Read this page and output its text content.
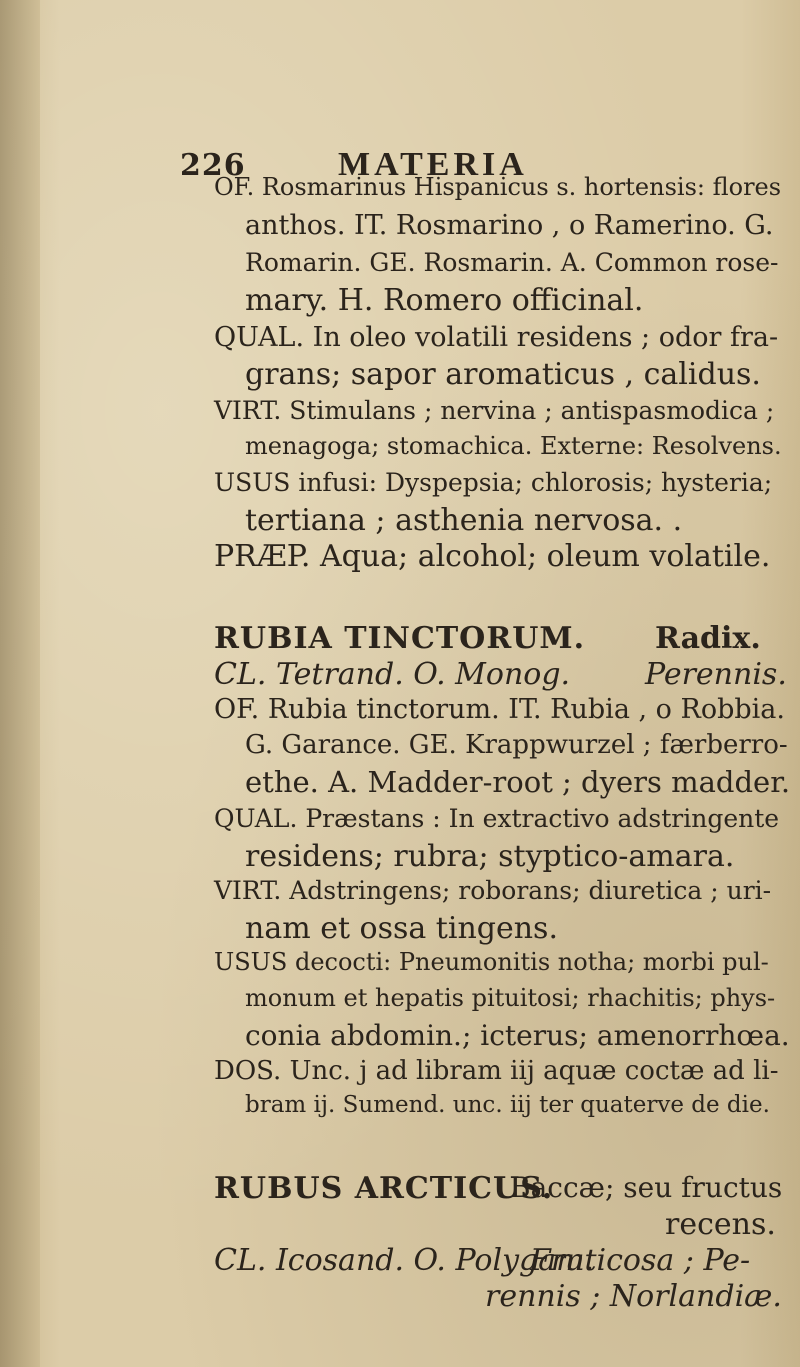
226	MATERIA
OF. Rosmarinus Hispanicus s. hortensis: flores
anthos. IT. Rosmarino , o Ramerino. G.
Romarin. GE. Rosmarin. A. Common rose-
mary. H. Romero officinal.
QUAL. In oleo volatili residens ; odor fra-
grans; sapor aromaticus , calidus.
VIRT. Stimulans ; nervina ; antispasmodica ;
menagoga; stomachica. Externe: Resolvens.
USUS infusi: Dyspepsia; chlorosis; hysteria;
tertiana ; asthenia nervosa. .
PRÆP. Aqua; alcohol; oleum volatile.
RUBIA TINCTORUM. Radix.
CL. Tetrand. O. Monog. Perennis.
OF. Rubia tinctorum. IT. Rubia , o Robbia.
G. Garance. GE. Krappwurzel ; færberro-
ethe. A. Madder-root ; dyers madder.
QUAL. Præstans : In extractivo adstringente
residens; rubra; styptico-amara.
VIRT. Adstringens; roborans; diuretica ; uri-
nam et ossa tingens.
USUS decocti: Pneumonitis notha; morbi pul-
monum et hepatis pituitosi; rhachitis; phys-
conia abdomin.; icterus; amenorrhœa.
DOS. Unc. j ad libram iij aquæ coctæ ad li-
bram ij. Sumend. unc. iij ter quaterve de die.
RUBUS ARCTICUS.
Baccæ; seu fructus
recens.
CL. Icosand. O. Polygam.
Fruticosa ; Pe-
rennis ; Norlandiæ.
